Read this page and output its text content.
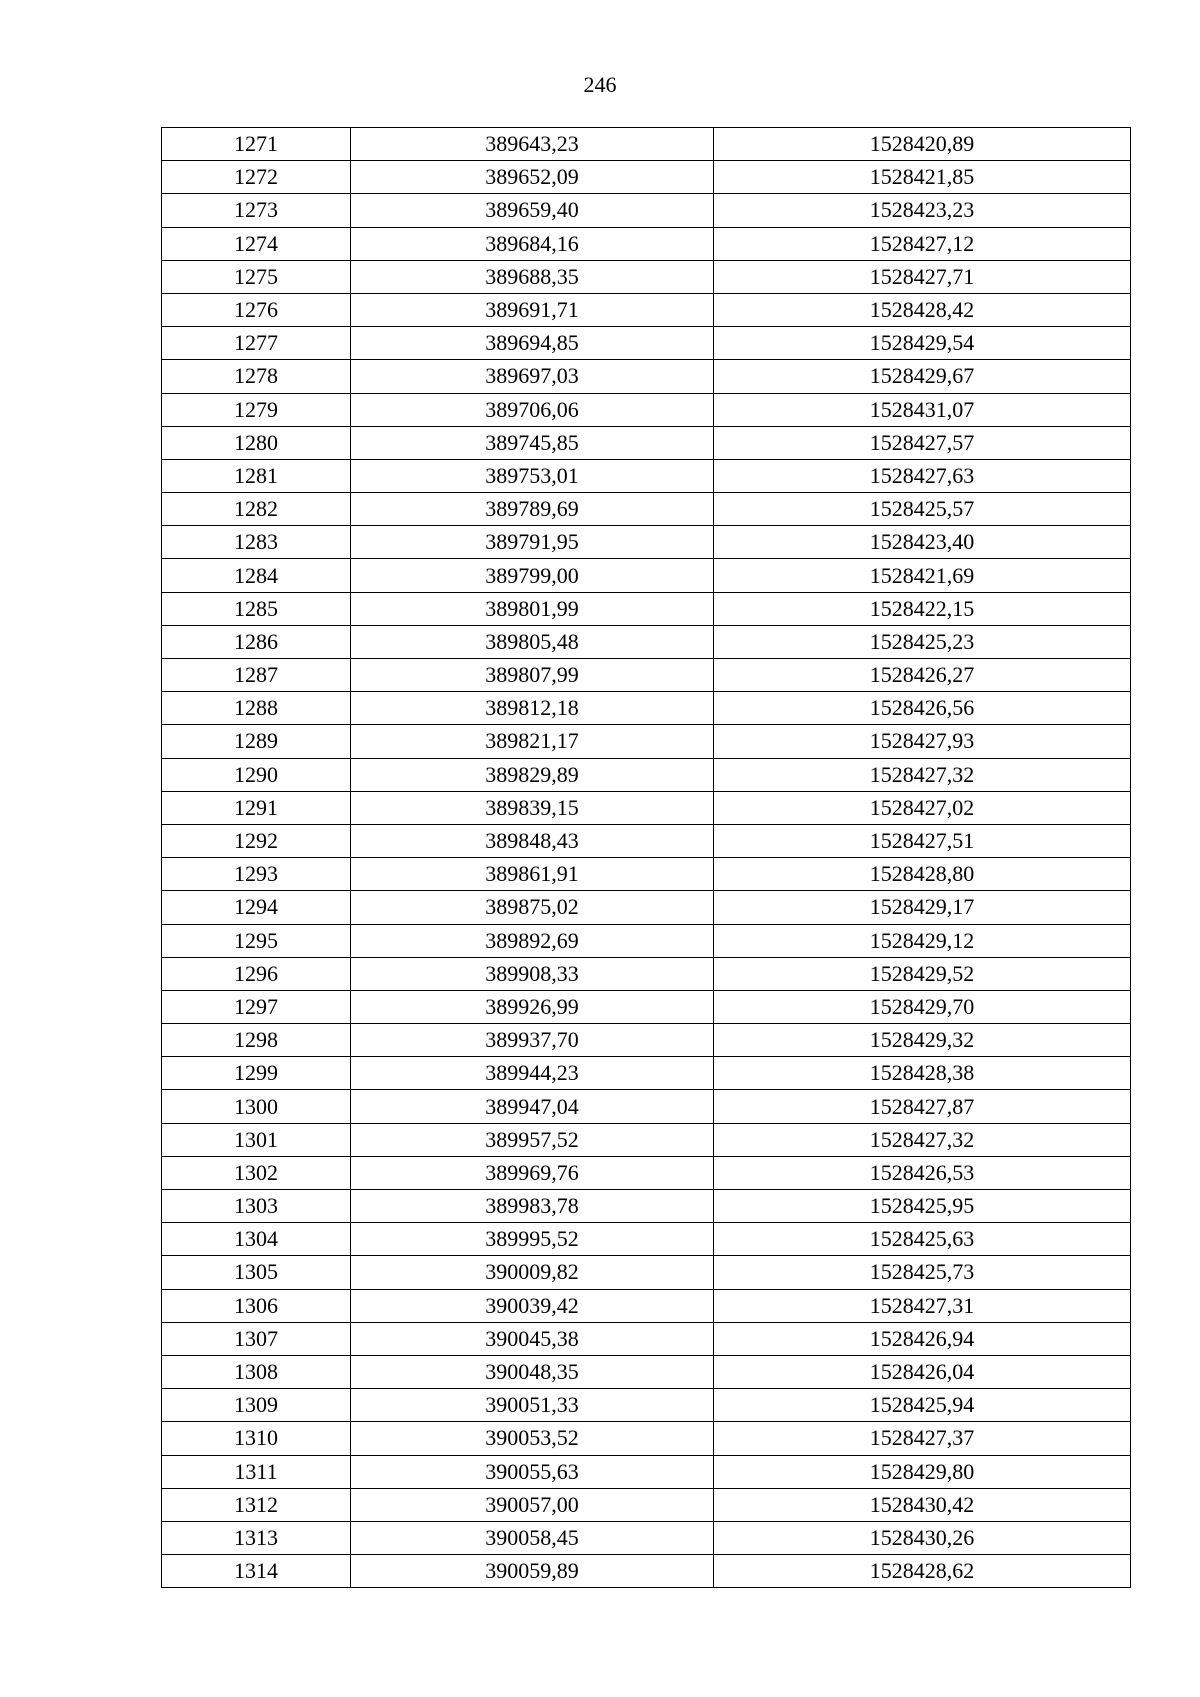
246
1271	389643,23	1528420,89
1272	389652,09	1528421,85
1273	389659,40	1528423,23
1274	389684,16	1528427,12
1275	389688,35	1528427,71
1276	389691,71	1528428,42
1277	389694,85	1528429,54
1278	389697,03	1528429,67
1279	389706,06	1528431,07
1280	389745,85	1528427,57
1281	389753,01	1528427,63
1282	389789,69	1528425,57
1283	389791,95	1528423,40
1284	389799,00	1528421,69
1285	389801,99	1528422,15
1286	389805,48	1528425,23
1287	389807,99	1528426,27
1288	389812,18	1528426,56
1289	389821,17	1528427,93
1290	389829,89	1528427,32
1291	389839,15	1528427,02
1292	389848,43	1528427,51
1293	389861,91	1528428,80
1294	389875,02	1528429,17
1295	389892,69	1528429,12
1296	389908,33	1528429,52
1297	389926,99	1528429,70
1298	389937,70	1528429,32
1299	389944,23	1528428,38
1300	389947,04	1528427,87
1301	389957,52	1528427,32
1302	389969,76	1528426,53
1303	389983,78	1528425,95
1304	389995,52	1528425,63
1305	390009,82	1528425,73
1306	390039,42	1528427,31
1307	390045,38	1528426,94
1308	390048,35	1528426,04
1309	390051,33	1528425,94
1310	390053,52	1528427,37
1311	390055,63	1528429,80
1312	390057,00	1528430,42
1313	390058,45	1528430,26
1314	390059,89	1528428,62
